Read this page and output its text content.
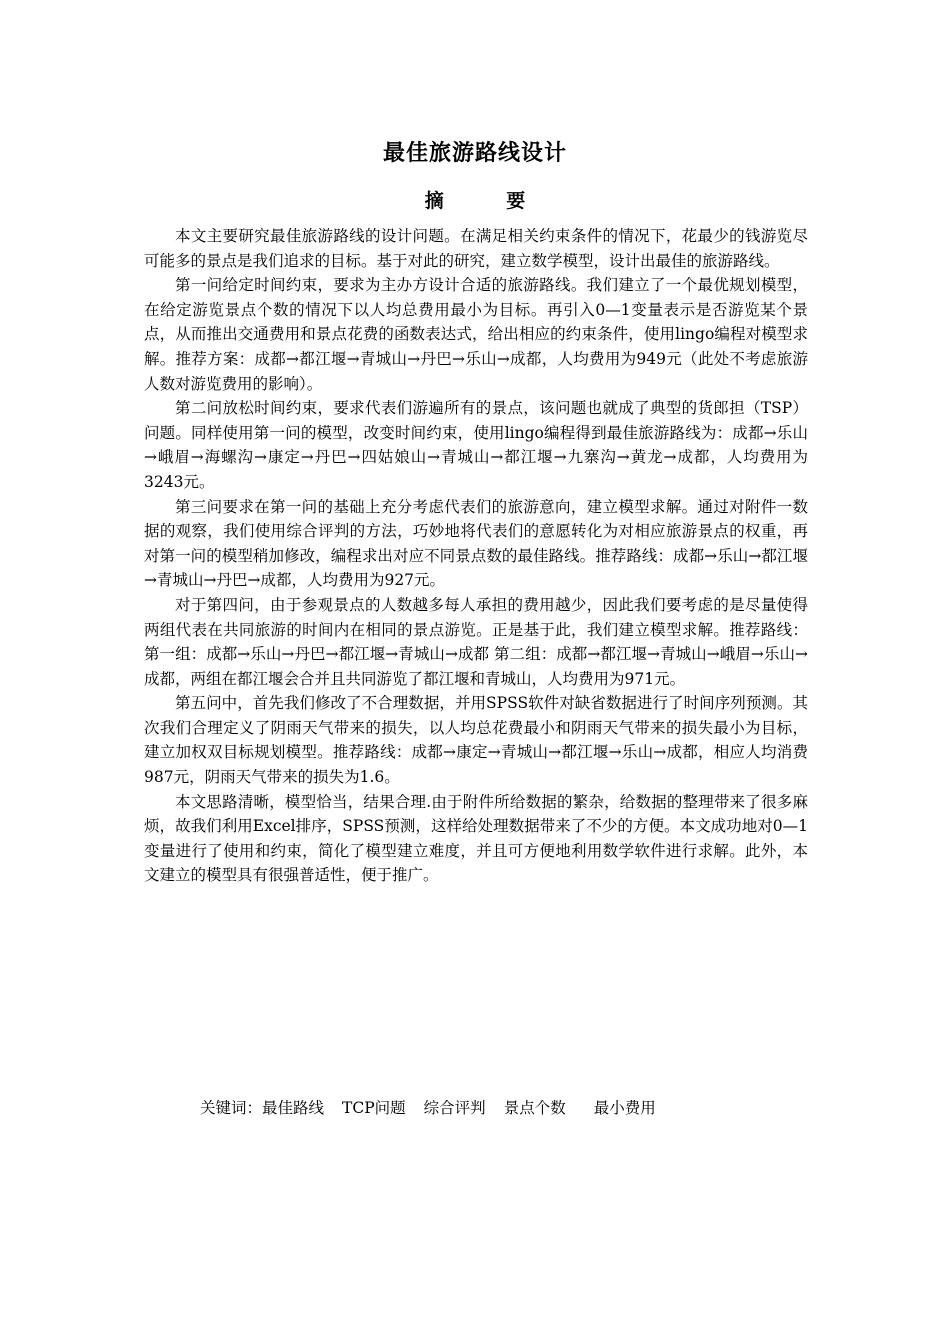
最佳旅游路线设计
摘 要

本文主要研究最佳旅游路线的设计问题。在满足相关约束条件的情况下，花最少的钱游览尽可能多的景点是我们追求的目标。基于对此的研究，建立数学模型，设计出最佳的旅游路线。

第一问给定时间约束，要求为主办方设计合适的旅游路线。我们建立了一个最优规划模型，在给定游览景点个数的情况下以人均总费用最小为目标。再引入0—1变量表示是否游览某个景点，从而推出交通费用和景点花费的函数表达式，给出相应的约束条件，使用lingo编程对模型求解。推荐方案：成都→都江堰→青城山→丹巴→乐山→成都，人均费用为949元（此处不考虑旅游人数对游览费用的影响）。

第二问放松时间约束，要求代表们游遍所有的景点，该问题也就成了典型的货郎担（TSP）问题。同样使用第一问的模型，改变时间约束，使用lingo编程得到最佳旅游路线为：成都→乐山→峨眉→海螺沟→康定→丹巴→四姑娘山→青城山→都江堰→九寨沟→黄龙→成都，人均费用为3243元。

第三问要求在第一问的基础上充分考虑代表们的旅游意向，建立模型求解。通过对附件一数据的观察，我们使用综合评判的方法，巧妙地将代表们的意愿转化为对相应旅游景点的权重，再对第一问的模型稍加修改，编程求出对应不同景点数的最佳路线。推荐路线：成都→乐山→都江堰→青城山→丹巴→成都，人均费用为927元。

对于第四问，由于参观景点的人数越多每人承担的费用越少，因此我们要考虑的是尽量使得两组代表在共同旅游的时间内在相同的景点游览。正是基于此，我们建立模型求解。推荐路线：第一组：成都→乐山→丹巴→都江堰→青城山→成都 第二组：成都→都江堰→青城山→峨眉→乐山→成都，两组在都江堰会合并且共同游览了都江堰和青城山，人均费用为971元。

第五问中，首先我们修改了不合理数据，并用SPSS软件对缺省数据进行了时间序列预测。其次我们合理定义了阴雨天气带来的损失，以人均总花费最小和阴雨天气带来的损失最小为目标，建立加权双目标规划模型。推荐路线：成都→康定→青城山→都江堰→乐山→成都，相应人均消费987元，阴雨天气带来的损失为1.6。

本文思路清晰，模型恰当，结果合理.由于附件所给数据的繁杂，给数据的整理带来了很多麻烦，故我们利用Excel排序，SPSS预测，这样给处理数据带来了不少的方便。本文成功地对0—1变量进行了使用和约束，简化了模型建立难度，并且可方便地利用数学软件进行求解。此外，本文建立的模型具有很强普适性，便于推广。

关键词：最佳路线 TCP问题 综合评判 景点个数 最小费用
